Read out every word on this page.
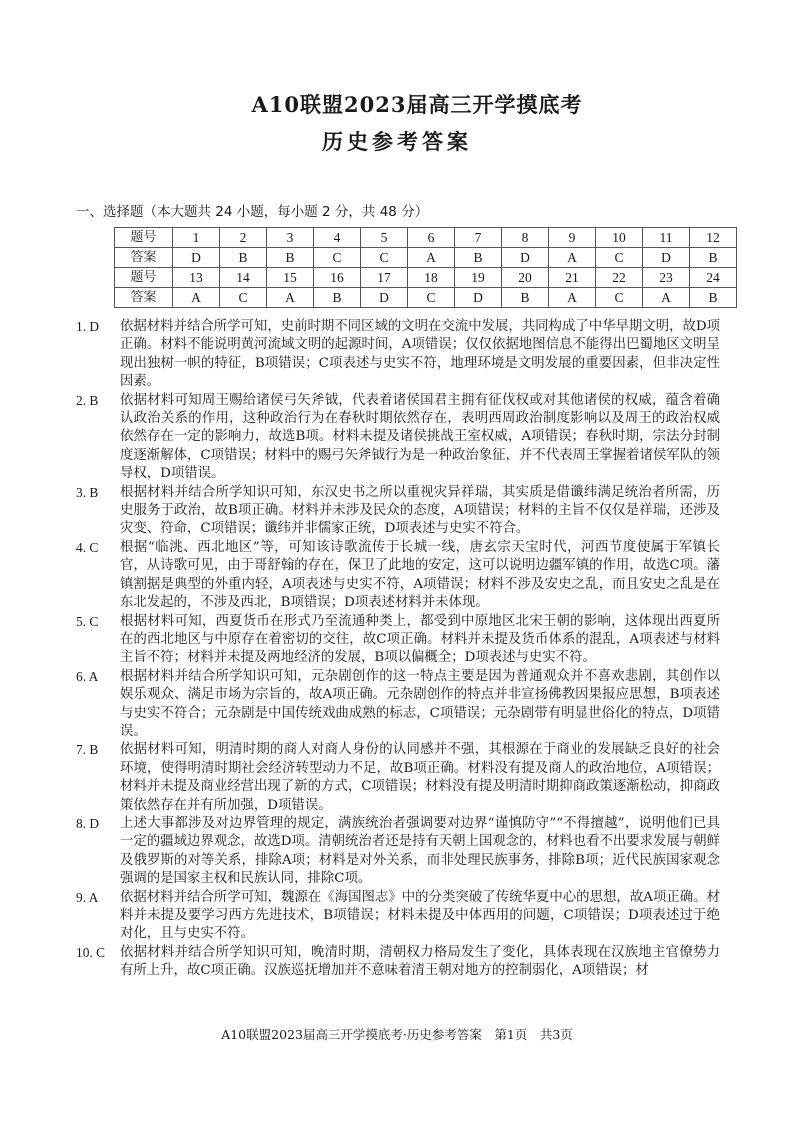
A10联盟2023届高三开学摸底考
历史参考答案
一、选择题（本大题共 24 小题，每小题 2 分，共 48 分）
题号	1	2	3	4	5	6	7	8	9	10	11	12
答案	D	B	B	C	C	A	B	D	A	C	D	B
题号	13	14	15	16	17	18	19	20	21	22	23	24
答案	A	C	A	B	D	C	D	B	A	C	A	B
1. D 依据材料并结合所学可知，史前时期不同区域的文明在交流中发展，共同构成了中华早期文明，故D项正确。材料不能说明黄河流域文明的起源时间，A项错误；仅仅依据地图信息不能得出巴蜀地区文明呈现出独树一帜的特征，B项错误；C项表述与史实不符，地理环境是文明发展的重要因素，但非决定性因素。
2. B 依据材料可知周王赐给诸侯弓矢斧钺，代表着诸侯国君主拥有征伐权或对其他诸侯的权威，蕴含着确认政治关系的作用，这种政治行为在春秋时期依然存在，表明西周政治制度影响以及周王的政治权威依然存在一定的影响力，故选B项。材料未提及诸侯挑战王室权威，A项错误；春秋时期，宗法分封制度逐渐解体，C项错误；材料中的赐弓矢斧钺行为是一种政治象征，并不代表周王掌握着诸侯军队的领导权，D项错误。
3. B 根据材料并结合所学知识可知，东汉史书之所以重视灾异祥瑞，其实质是借谶纬满足统治者所需，历史服务于政治，故B项正确。材料并未涉及民众的态度，A项错误；材料的主旨不仅仅是祥瑞，还涉及灾变、符命，C项错误；谶纬并非儒家正统，D项表述与史实不符合。
4. C 根据“临洮、西北地区”等，可知该诗歌流传于长城一线，唐玄宗天宝时代，河西节度使属于军镇长官，从诗歌可见，由于哥舒翰的存在，保卫了此地的安定，这可以说明边疆军镇的作用，故选C项。藩镇割据是典型的外重内轻，A项表述与史实不符，A项错误；材料不涉及安史之乱，而且安史之乱是在东北发起的，不涉及西北，B项错误；D项表述材料并未体现。
5. C 根据材料可知，西夏货币在形式乃至流通种类上，都受到中原地区北宋王朝的影响，这体现出西夏所在的西北地区与中原存在着密切的交往，故C项正确。材料并未提及货币体系的混乱，A项表述与材料主旨不符；材料并未提及两地经济的发展，B项以偏概全；D项表述与史实不符。
6. A 根据材料并结合所学知识可知，元杂剧创作的这一特点主要是因为普通观众并不喜欢悲剧，其创作以娱乐观众、满足市场为宗旨的，故A项正确。元杂剧创作的特点并非宣扬佛教因果报应思想，B项表述与史实不符合；元杂剧是中国传统戏曲成熟的标志，C项错误；元杂剧带有明显世俗化的特点，D项错误。
7. B 依据材料可知，明清时期的商人对商人身份的认同感并不强，其根源在于商业的发展缺乏良好的社会环境，使得明清时期社会经济转型动力不足，故B项正确。材料没有提及商人的政治地位，A项错误；材料并未提及商业经营出现了新的方式，C项错误；材料没有提及明清时期抑商政策逐渐松动，抑商政策依然存在并有所加强，D项错误。
8. D 上述大事都涉及对边界管理的规定，满族统治者强调要对边界“谨慎防守”“不得擅越”，说明他们已具一定的疆域边界观念，故选D项。清朝统治者还是持有天朝上国观念的，材料也看不出要求发展与朝鲜及俄罗斯的对等关系，排除A项；材料是对外关系，而非处理民族事务，排除B项；近代民族国家观念强调的是国家主权和民族认同，排除C项。
9. A 依据材料并结合所学可知，魏源在《海国图志》中的分类突破了传统华夏中心的思想，故A项正确。材料并未提及要学习西方先进技术，B项错误；材料未提及中体西用的问题，C项错误；D项表述过于绝对化，且与史实不符。
10. C 依据材料并结合所学知识可知，晚清时期，清朝权力格局发生了变化，具体表现在汉族地主官僚势力有所上升，故C项正确。汉族巡抚增加并不意味着清王朝对地方的控制弱化，A项错误；材
A10联盟2023届高三开学摸底考·历史参考答案　第1页　共3页
